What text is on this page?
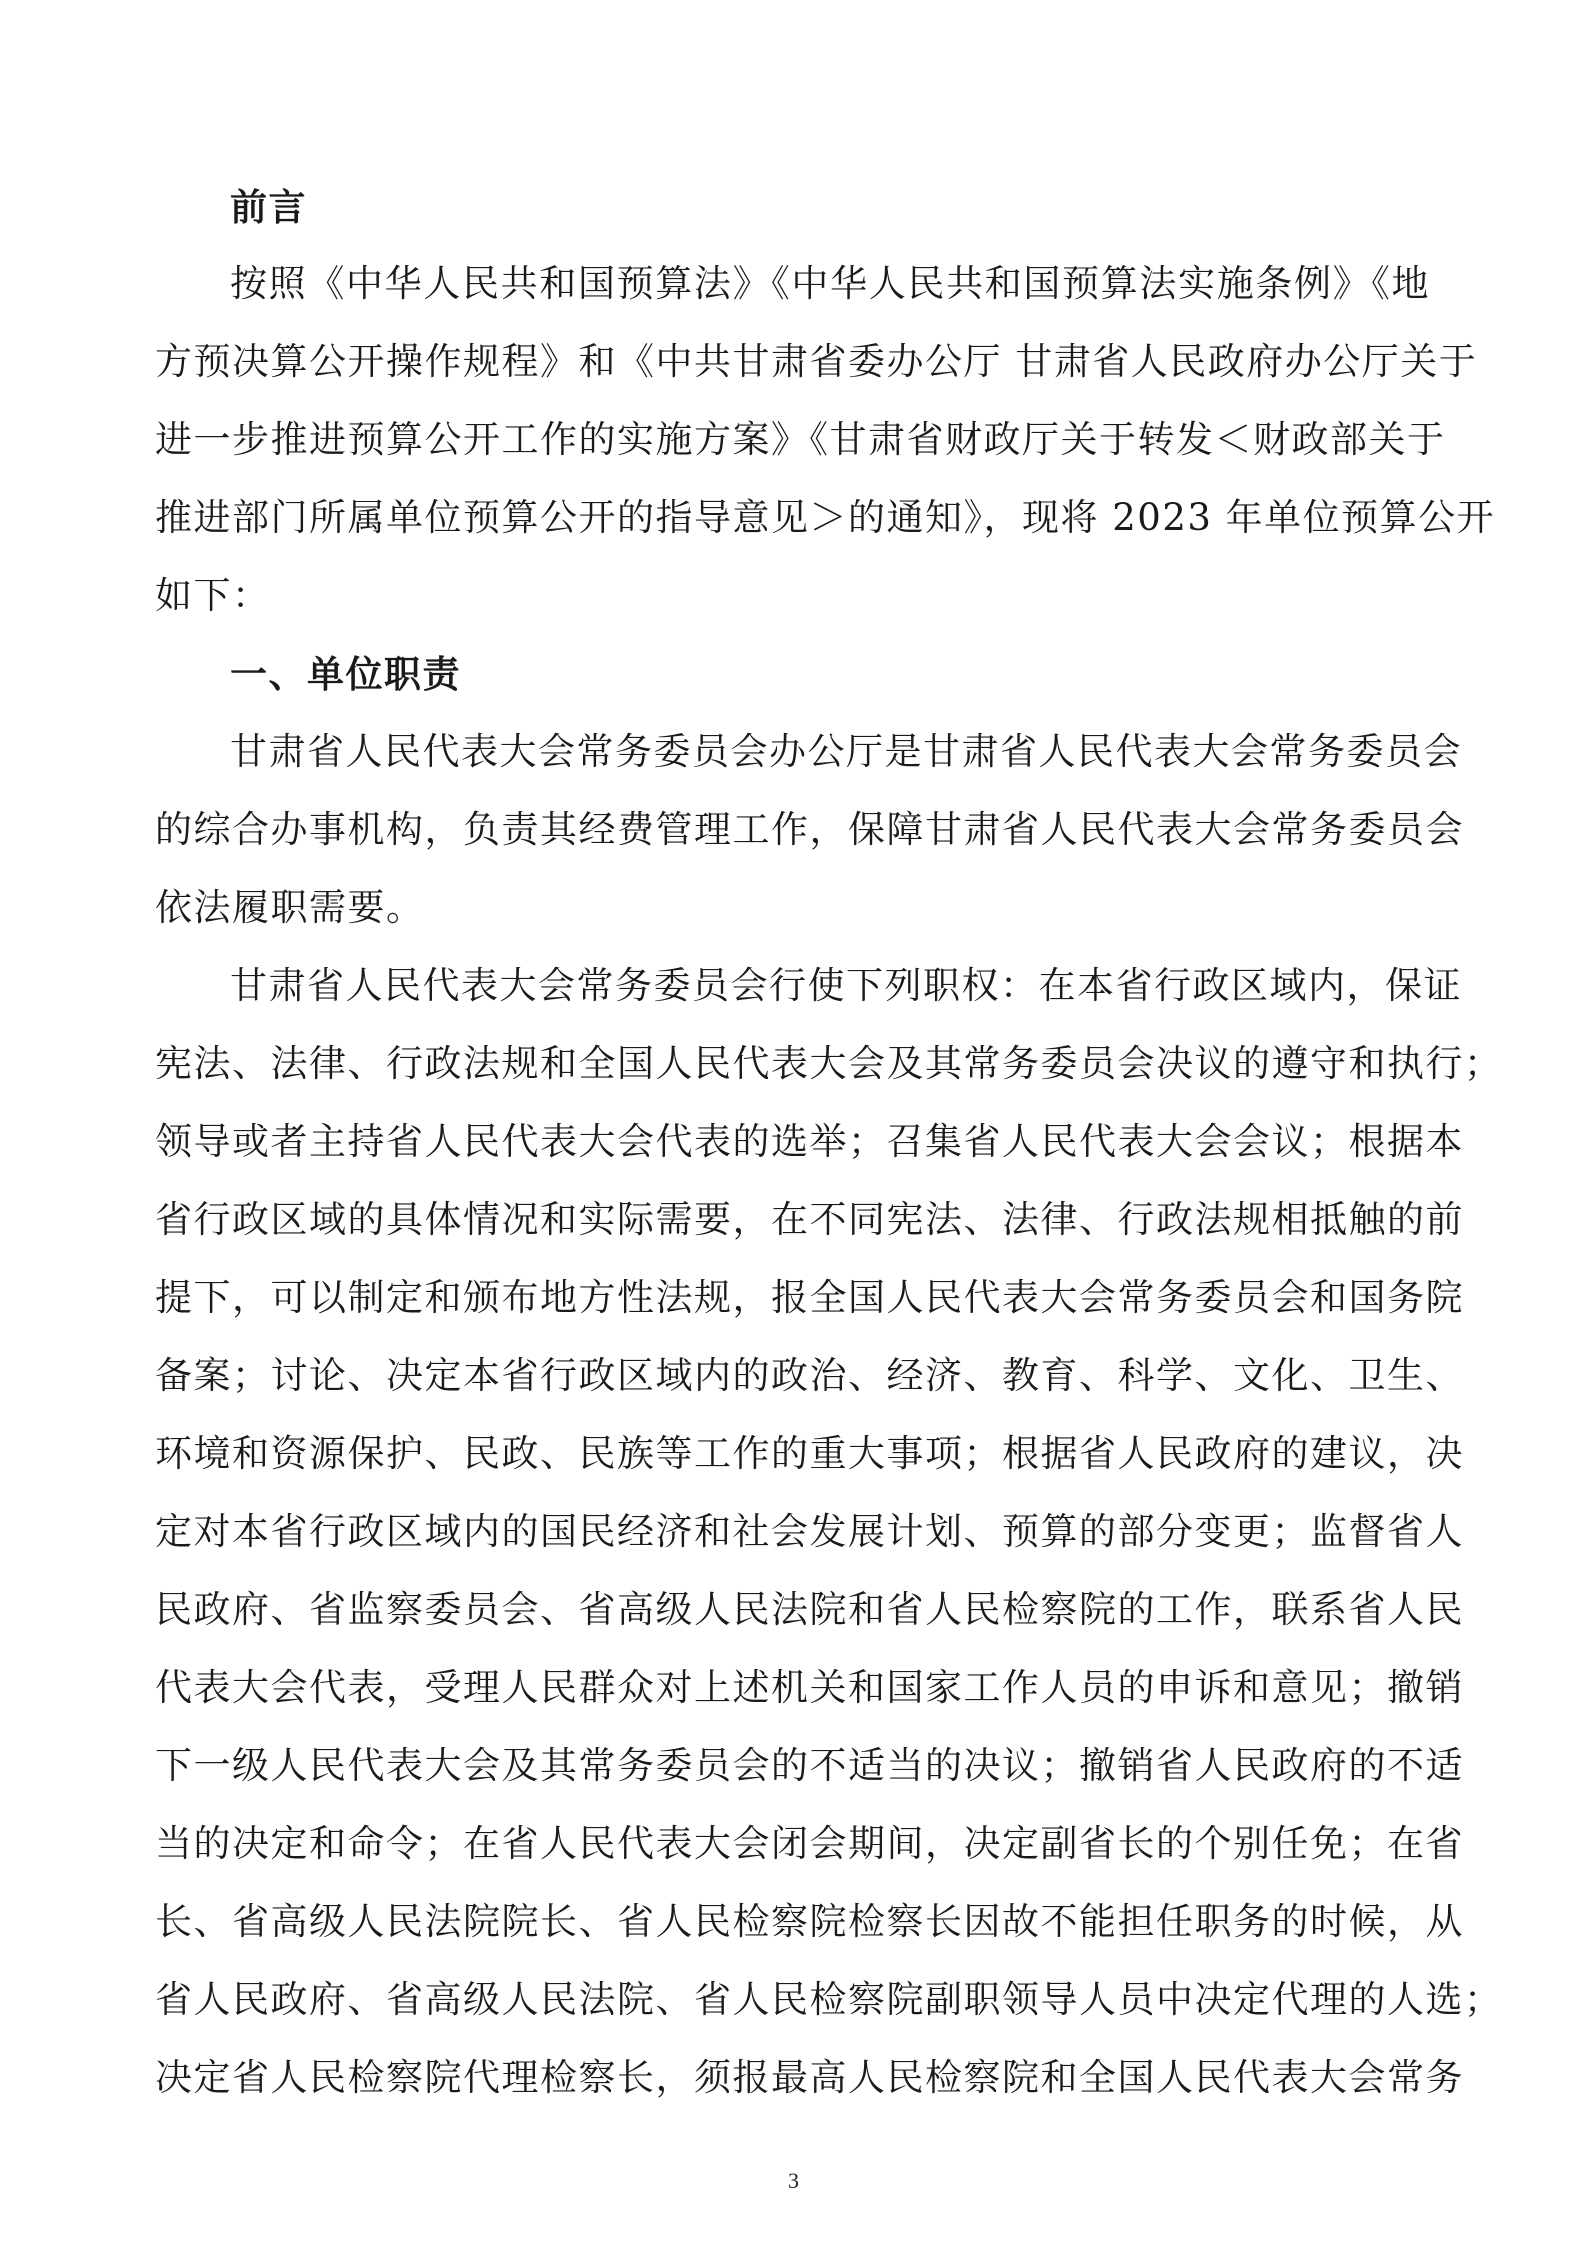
前言
按照《中华人民共和国预算法》《中华人民共和国预算法实施条例》《地
方预决算公开操作规程》和《中共甘肃省委办公厅 甘肃省人民政府办公厅关于
进一步推进预算公开工作的实施方案》《甘肃省财政厅关于转发＜财政部关于
推进部门所属单位预算公开的指导意见＞的通知》，现将 2023 年单位预算公开
如下：
一、单位职责
甘肃省人民代表大会常务委员会办公厅是甘肃省人民代表大会常务委员会
的综合办事机构，负责其经费管理工作，保障甘肃省人民代表大会常务委员会
依法履职需要。
甘肃省人民代表大会常务委员会行使下列职权：在本省行政区域内，保证
宪法、法律、行政法规和全国人民代表大会及其常务委员会决议的遵守和执行；
领导或者主持省人民代表大会代表的选举；召集省人民代表大会会议；根据本
省行政区域的具体情况和实际需要，在不同宪法、法律、行政法规相抵触的前
提下，可以制定和颁布地方性法规，报全国人民代表大会常务委员会和国务院
备案；讨论、决定本省行政区域内的政治、经济、教育、科学、文化、卫生、
环境和资源保护、民政、民族等工作的重大事项；根据省人民政府的建议，决
定对本省行政区域内的国民经济和社会发展计划、预算的部分变更；监督省人
民政府、省监察委员会、省高级人民法院和省人民检察院的工作，联系省人民
代表大会代表，受理人民群众对上述机关和国家工作人员的申诉和意见；撤销
下一级人民代表大会及其常务委员会的不适当的决议；撤销省人民政府的不适
当的决定和命令；在省人民代表大会闭会期间，决定副省长的个别任免；在省
长、省高级人民法院院长、省人民检察院检察长因故不能担任职务的时候，从
省人民政府、省高级人民法院、省人民检察院副职领导人员中决定代理的人选；
决定省人民检察院代理检察长，须报最高人民检察院和全国人民代表大会常务
3
